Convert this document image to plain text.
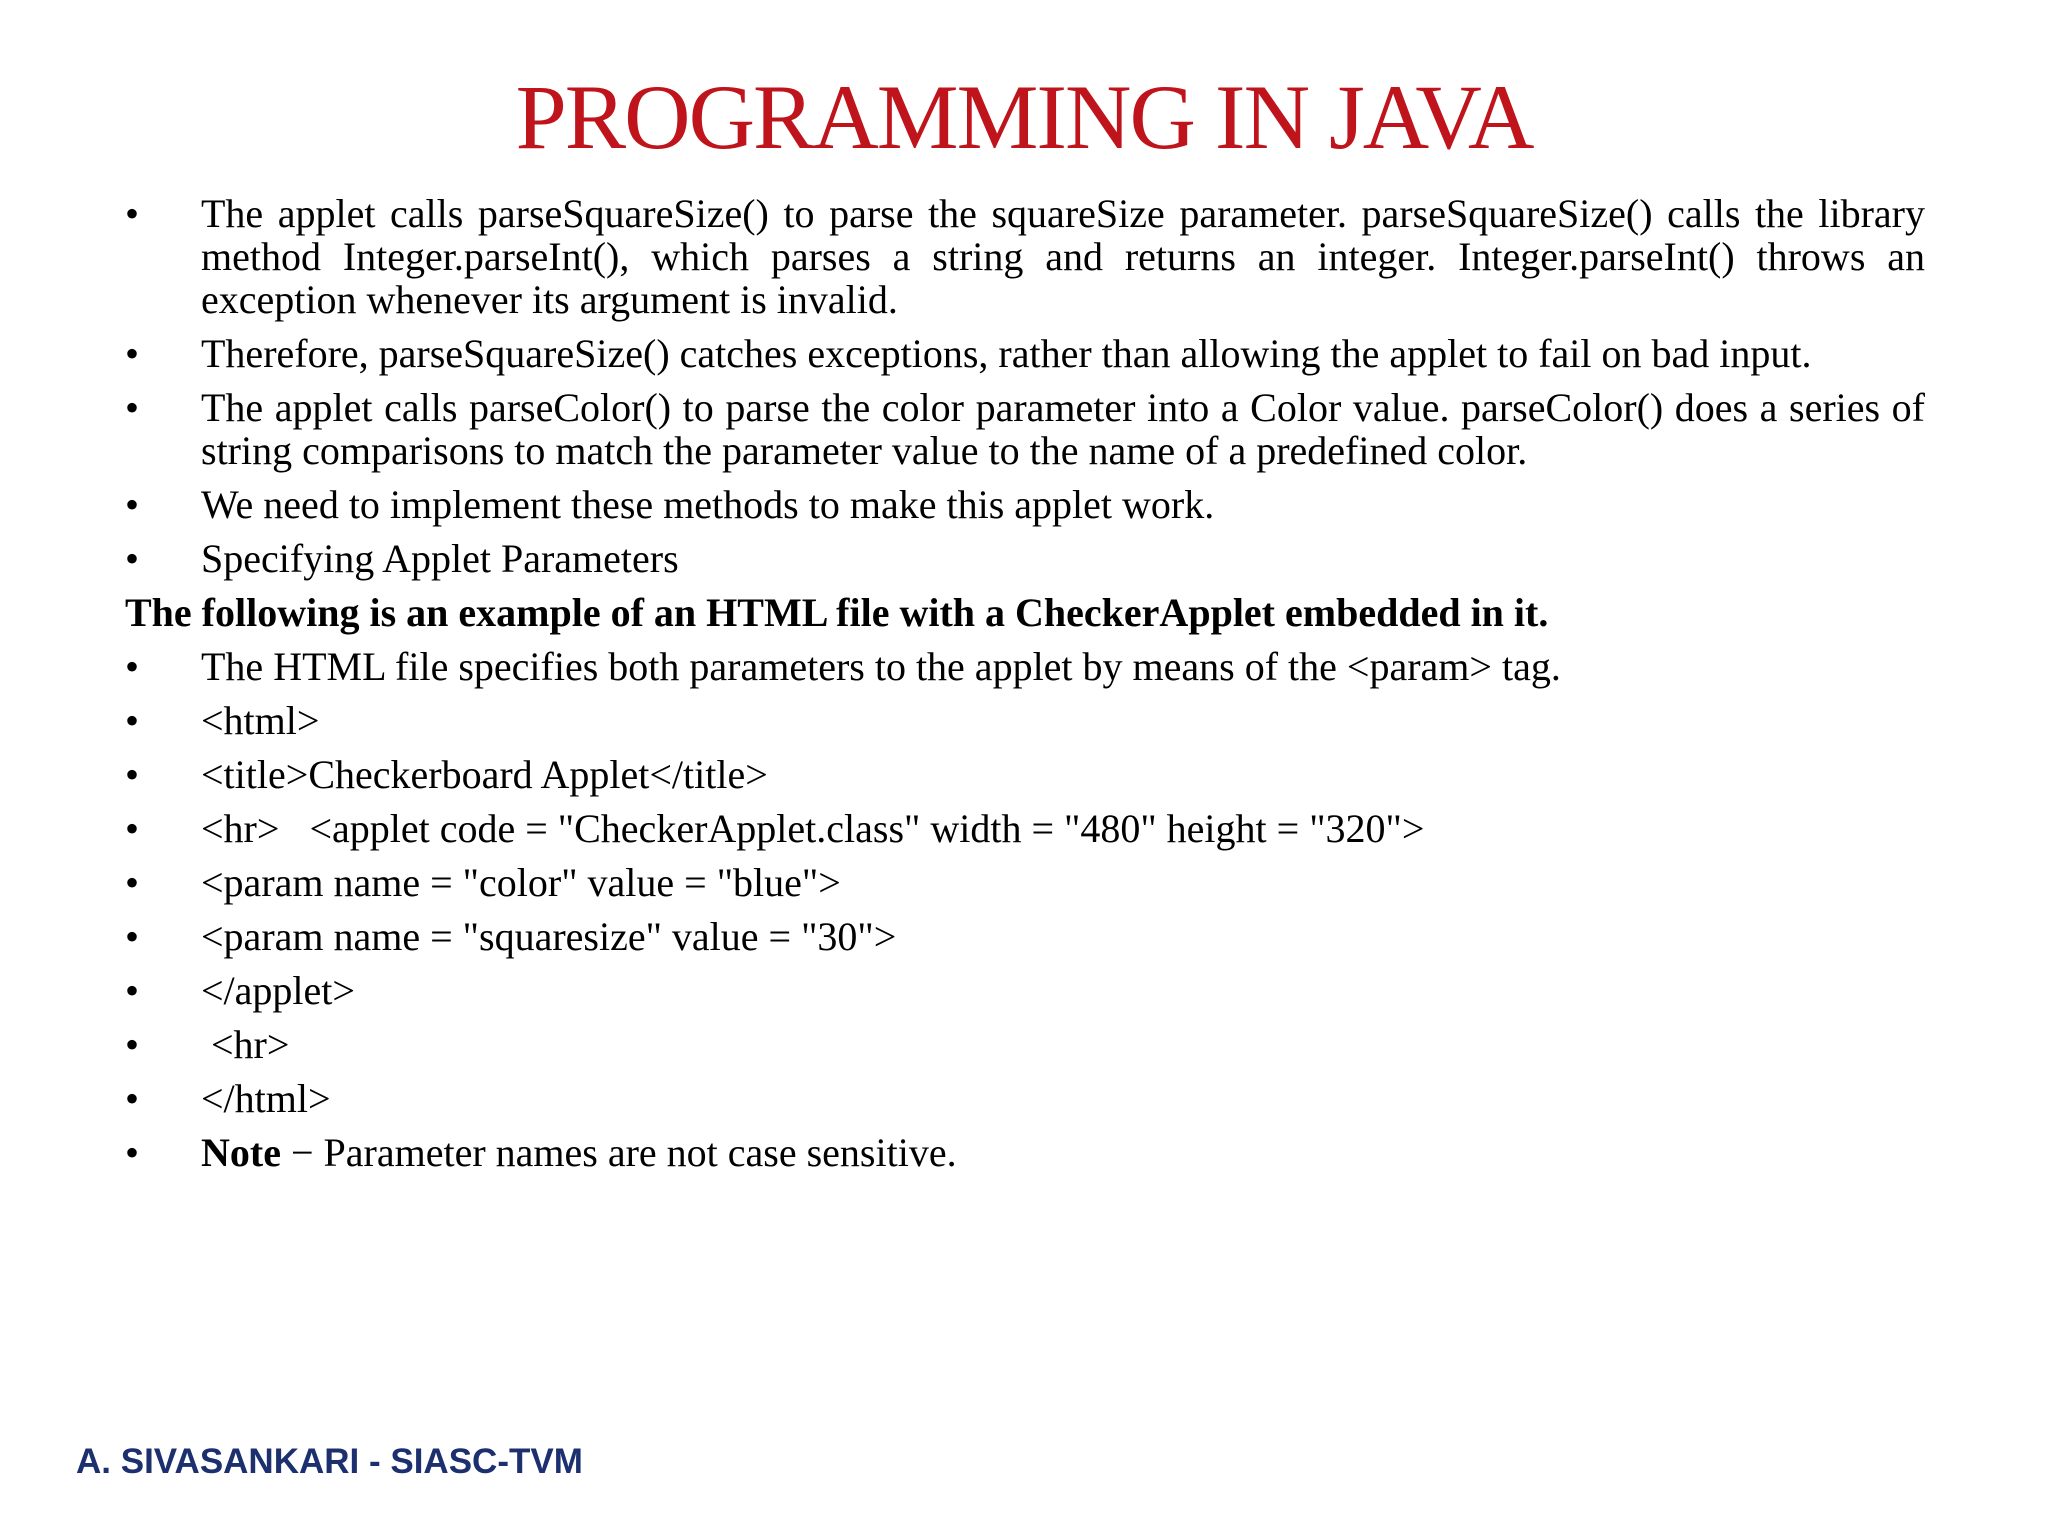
PROGRAMMING IN JAVA
•	The applet calls parseSquareSize() to parse the squareSize parameter. parseSquareSize() calls the library method Integer.parseInt(), which parses a string and returns an integer. Integer.parseInt() throws an exception whenever its argument is invalid.
•	Therefore, parseSquareSize() catches exceptions, rather than allowing the applet to fail on bad input.
•	The applet calls parseColor() to parse the color parameter into a Color value. parseColor() does a series of string comparisons to match the parameter value to the name of a predefined color.
•	We need to implement these methods to make this applet work.
•	Specifying Applet Parameters
The following is an example of an HTML file with a CheckerApplet embedded in it.
•	The HTML file specifies both parameters to the applet by means of the <param> tag.
•	<html>
•	<title>Checkerboard Applet</title>
•	<hr>   <applet code = "CheckerApplet.class" width = "480" height = "320">
•	<param name = "color" value = "blue">
•	<param name = "squaresize" value = "30">
•	</applet>
•	<hr>
•	</html>
•	Note − Parameter names are not case sensitive.
A. SIVASANKARI - SIASC-TVM
